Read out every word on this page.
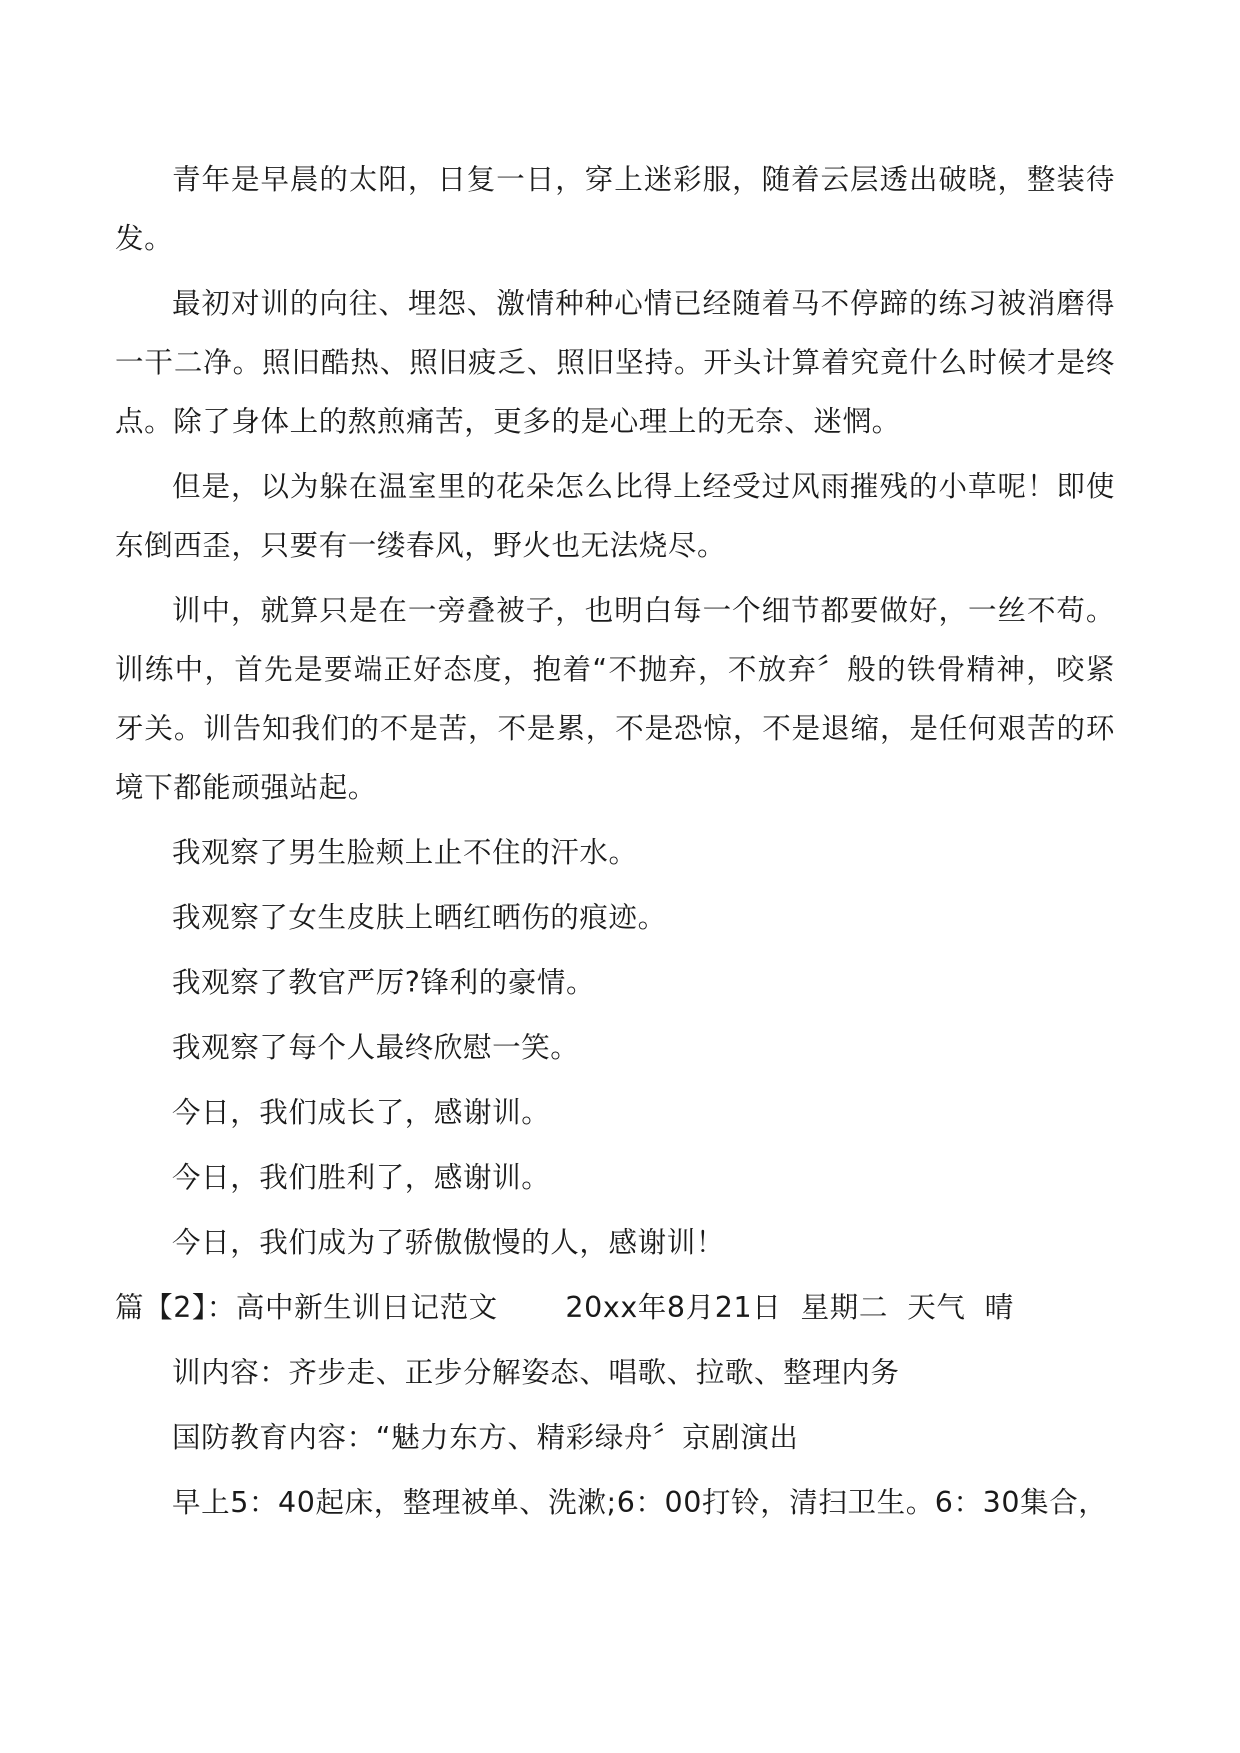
青年是早晨的太阳，日复一日，穿上迷彩服，随着云层透出破晓，整装待发。

最初对训的向往、埋怨、激情种种心情已经随着马不停蹄的练习被消磨得一干二净。照旧酷热、照旧疲乏、照旧坚持。开头计算着究竟什么时候才是终点。除了身体上的熬煎痛苦，更多的是心理上的无奈、迷惘。

但是，以为躲在温室里的花朵怎么比得上经受过风雨摧残的小草呢！即使东倒西歪，只要有一缕春风，野火也无法烧尽。

训中，就算只是在一旁叠被子，也明白每一个细节都要做好，一丝不苟。训练中，首先是要端正好态度，抱着“不抛弃，不放弃〞般的铁骨精神，咬紧牙关。训告知我们的不是苦，不是累，不是恐惊，不是退缩，是任何艰苦的环境下都能顽强站起。

我观察了男生脸颊上止不住的汗水。

我观察了女生皮肤上晒红晒伤的痕迹。

我观察了教官严厉?锋利的豪情。

我观察了每个人最终欣慰一笑。

今日，我们成长了，感谢训。

今日，我们胜利了，感谢训。

今日，我们成为了骄傲傲慢的人，感谢训！

篇【2】：高中新生训日记范文       20xx年8月21日  星期二  天气  晴

训内容：齐步走、正步分解姿态、唱歌、拉歌、整理内务

国防教育内容：“魅力东方、精彩绿舟〞京剧演出

早上5：40起床，整理被单、洗漱;6：00打铃，清扫卫生。6：30集合，
